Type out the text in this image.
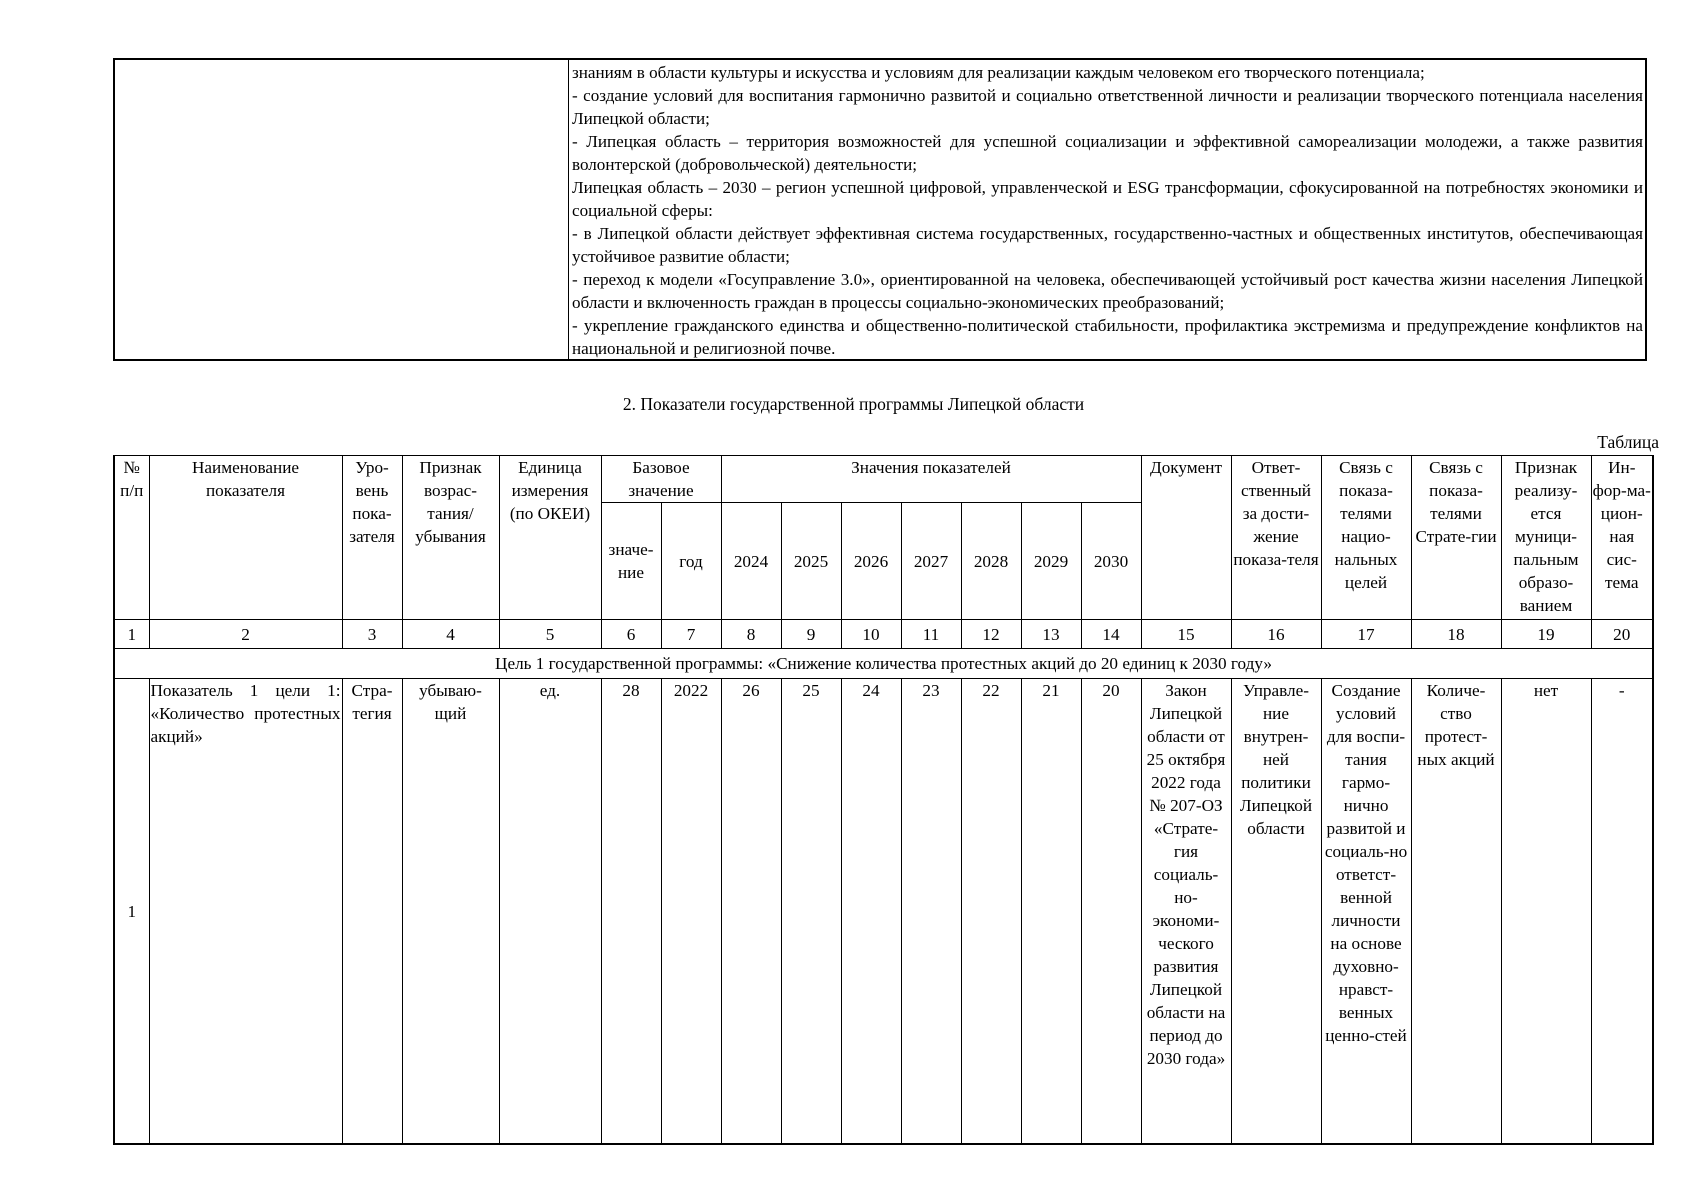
знаниям в области культуры и искусства и условиям для реализации каждым человеком его творческого потенциала;

- создание условий для воспитания гармонично развитой и социально ответственной личности и реализации творческого потенциала населения Липецкой области;

- Липецкая область – территория возможностей для успешной социализации и эффективной самореализации молодежи, а также развития волонтерской (добровольческой) деятельности;

Липецкая область – 2030 – регион успешной цифровой, управленческой и ESG трансформации, сфокусированной на потребностях экономики и социальной сферы:

- в Липецкой области действует эффективная система государственных, государственно-частных и общественных институтов, обеспечивающая устойчивое развитие области;

- переход к модели «Госуправление 3.0», ориентированной на человека, обеспечивающей устойчивый рост качества жизни населения Липецкой области и включенность граждан в процессы социально-экономических преобразований;

- укрепление гражданского единства и общественно-политической стабильности, профилактика экстремизма и предупреждение конфликтов на национальной и религиозной почве.

2. Показатели государственной программы Липецкой области
Таблица
№ п/п	Наименование показателя	Уро-вень пока-зателя	Признак возрас-тания/ убывания	Единица измерения (по ОКЕИ)	Базовое значение		Значения показателей							Документ	Ответ-ственный за дости-жение показа-теля	Связь с показа-телями нацио-нальных целей	Связь с показа-телями Страте-гии	Признак реализу-ется муници-пальным образо-ванием	Ин-фор-ма-цион-ная сис-тема
					значе-ние	год	2024	2025	2026	2027	2028	2029	2030						
1	2	3	4	5	6	7	8	9	10	11	12	13	14	15	16	17	18	19	20
Цель 1 государственной программы: «Снижение количества протестных акций до 20 единиц к 2030 году»																			
1	Показатель 1 цели 1: «Количество протестных акций»	Стра-тегия	убываю-щий	ед.	28	2022	26	25	24	23	22	21	20	Закон Липецкой области от 25 октября 2022 года № 207-ОЗ «Страте-гия социаль-но-экономи-ческого развития Липецкой области на период до 2030 года»	Управле-ние внутрен-ней политики Липецкой области	Создание условий для воспи-тания гармо-нично развитой и социаль-но ответст-венной личности на основе духовно-нравст-венных ценно-стей	Количе-ство протест-ных акций	нет	-
